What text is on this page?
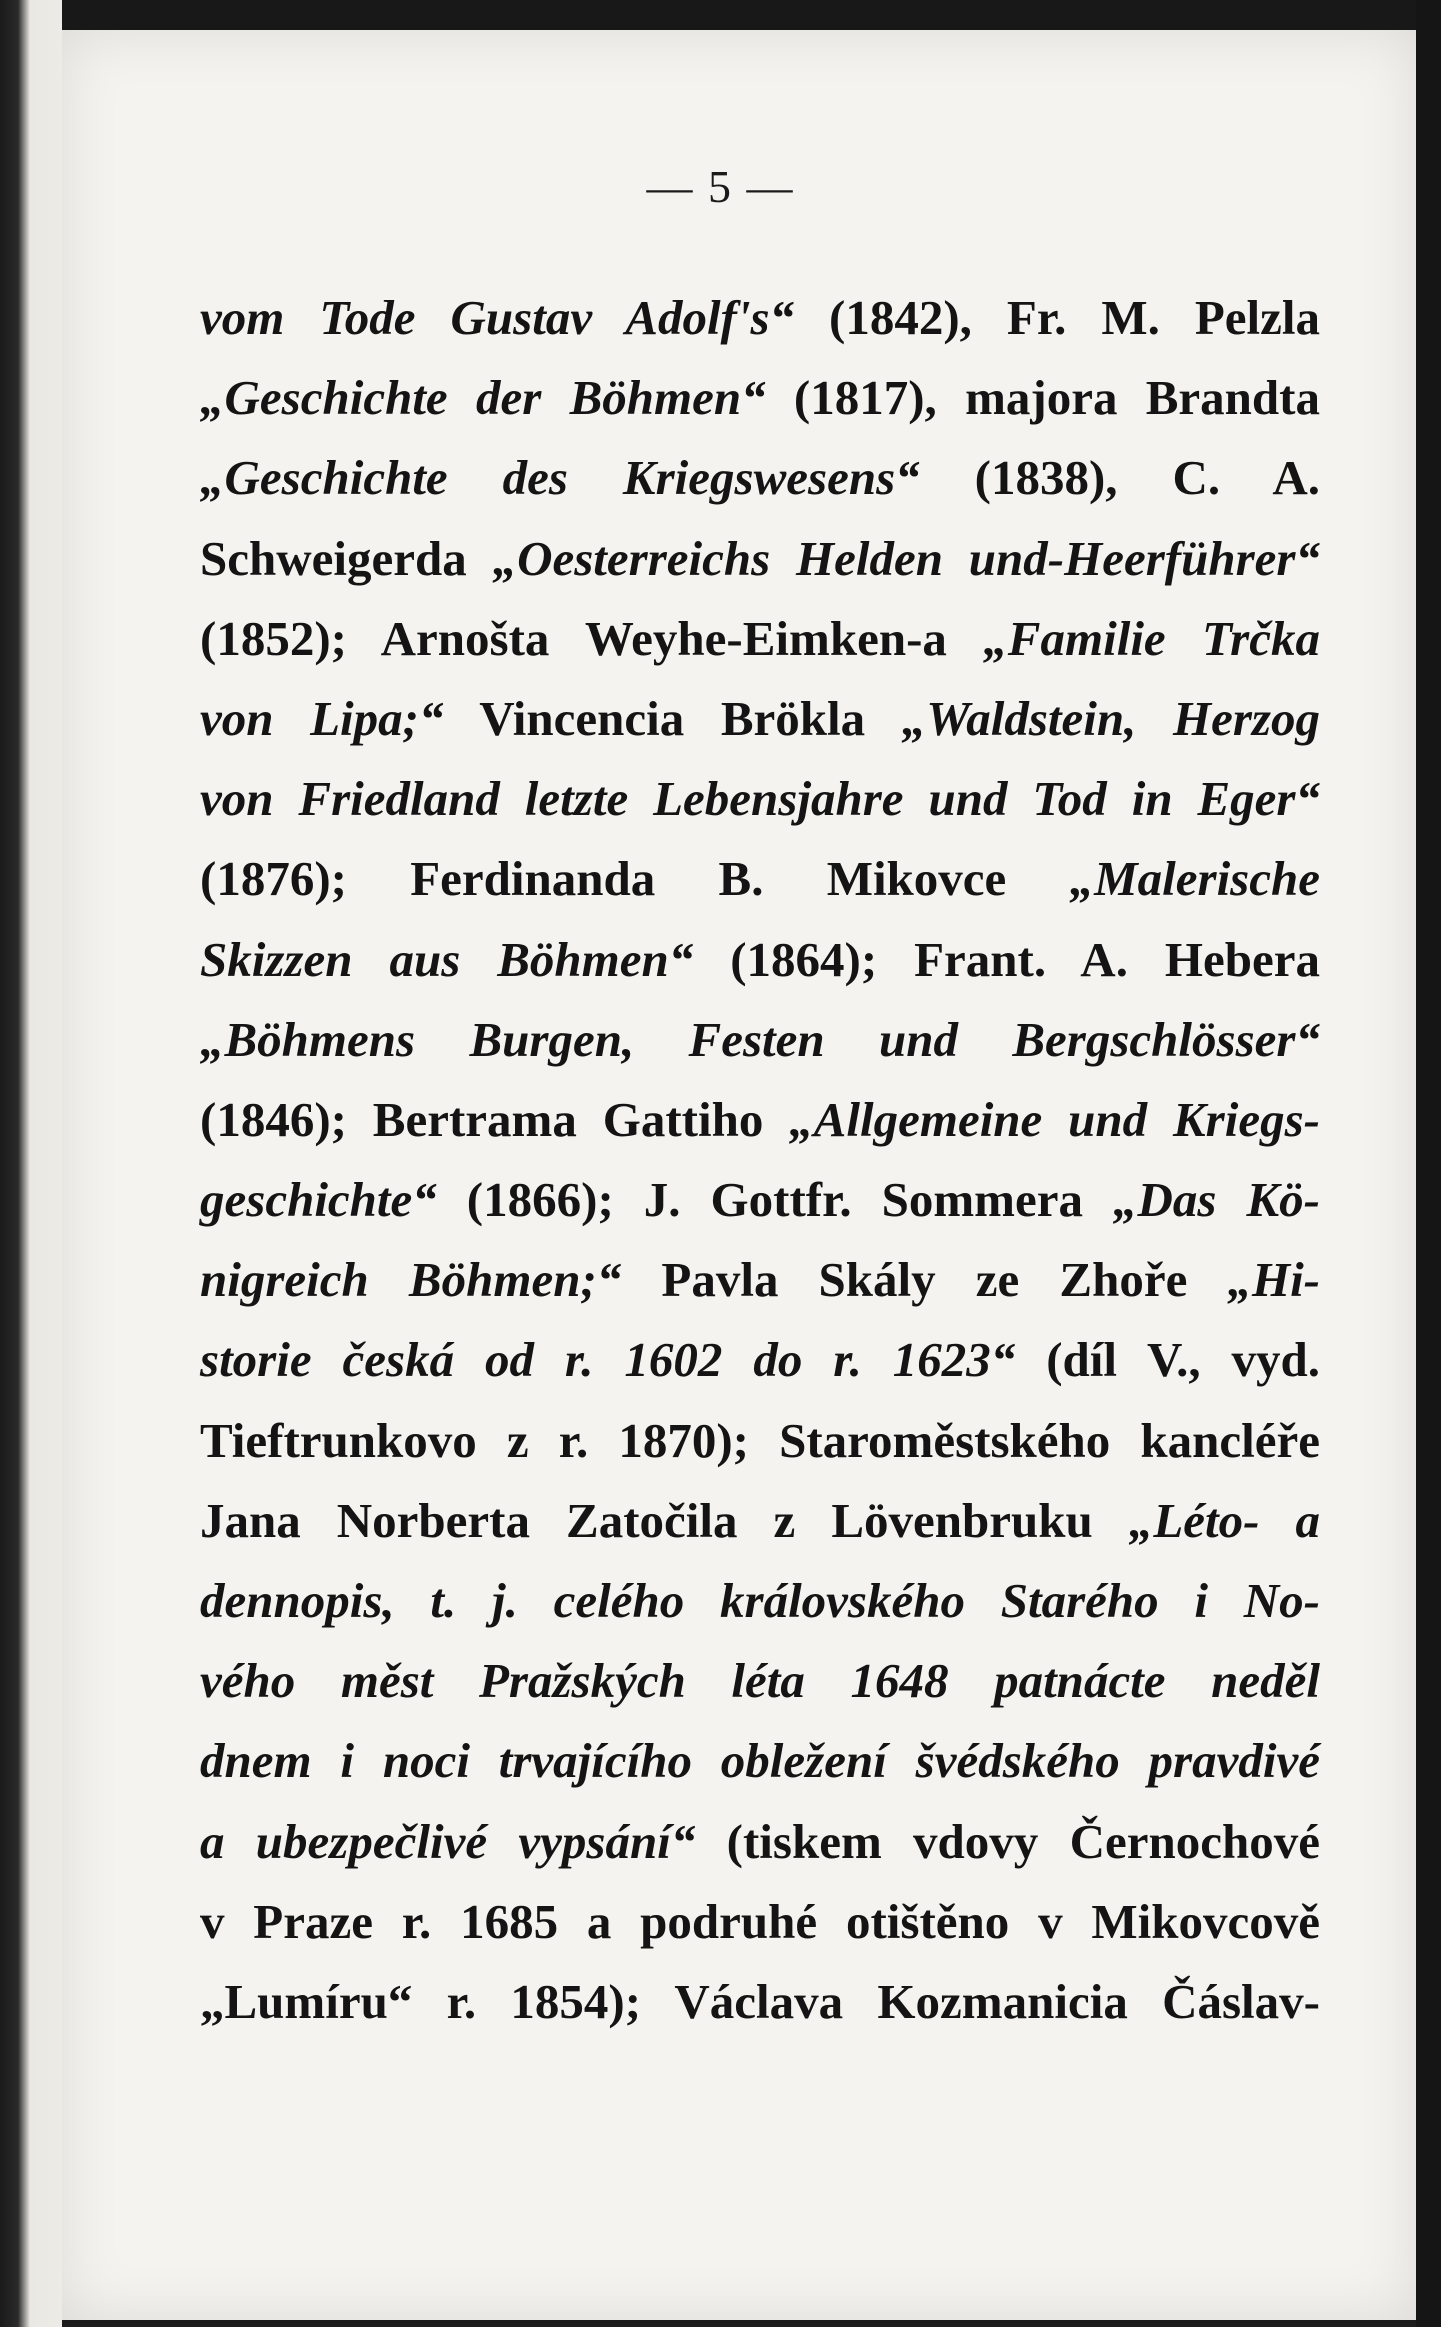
— 5 —
vom Tode Gustav Adolf's“ (1842), Fr. M. Pelzla
„Geschichte der Böhmen“ (1817), majora Brandta
„Geschichte des Kriegswesens“ (1838), C. A.
Schweigerda „Oesterreichs Helden und-Heerführer“
(1852); Arnošta Weyhe-Eimken-a „Familie Trčka
von Lipa;“ Vincencia Brökla „Waldstein, Herzog
von Friedland letzte Lebensjahre und Tod in Eger“
(1876); Ferdinanda B. Mikovce „Malerische
Skizzen aus Böhmen“ (1864); Frant. A. Hebera
„Böhmens Burgen, Festen und Bergschlösser“
(1846); Bertrama Gattiho „Allgemeine und Kriegs-
geschichte“ (1866); J. Gottfr. Sommera „Das Kö-
nigreich Böhmen;“ Pavla Skály ze Zhoře „Hi-
storie česká od r. 1602 do r. 1623“ (díl V., vyd.
Tieftrunkovo z r. 1870); Staroměstského kancléře
Jana Norberta Zatočila z Lövenbruku „Léto- a
dennopis, t. j. celého královského Starého i No-
vého měst Pražských léta 1648 patnácte neděl
dnem i noci trvajícího obležení švédského pravdivé
a ubezpečlivé vypsání“ (tiskem vdovy Černochové
v Praze r. 1685 a podruhé otištěno v Mikovcově
„Lumíru“ r. 1854); Václava Kozmanicia Čáslav-
